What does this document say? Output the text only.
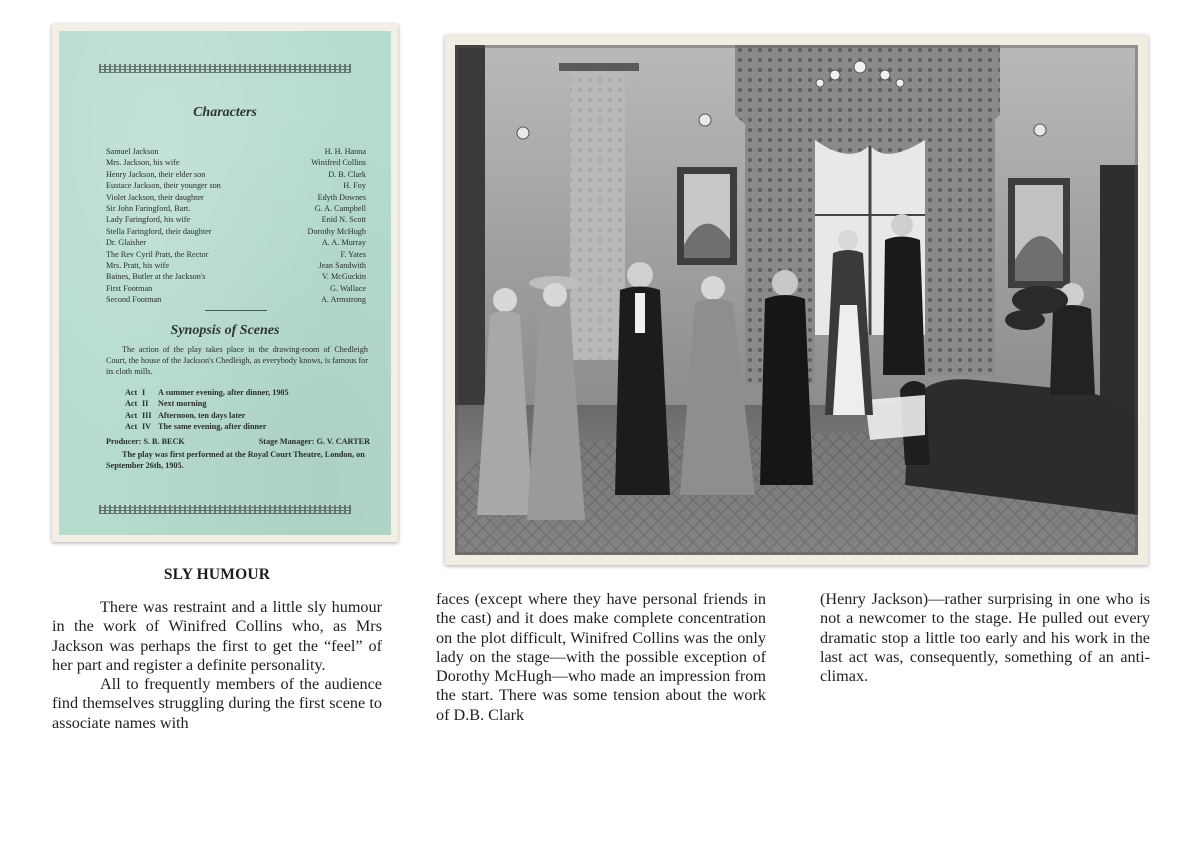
Characters
Samuel Jackson	H. H. Hanna
Mrs. Jackson, his wife	Winifred Collins
Henry Jackson, their elder son	D. B. Clark
Eustace Jackson, their younger son	H. Foy
Violet Jackson, their daughter	Edyth Downes
Sir John Faringford, Bart.	G. A. Campbell
Lady Faringford, his wife	Enid N. Scott
Stella Faringford, their daughter	Dorothy McHugh
Dr. Glaisher	A. A. Murray
The Rev Cyril Pratt, the Rector	F. Yates
Mrs. Pratt, his wife	Jean Sandwith
Baines, Butler at the Jackson's	V. McGuckin
First Footman	G. Wallace
Second Footman	A. Armstrong
Synopsis of Scenes
The action of the play takes place in the drawing-room of Chedleigh Court, the house of the Jackson's Chedleigh, as everybody knows, is famous for its cloth mills.
Act I	A summer evening, after dinner, 1905
Act II	Next morning
Act III Afternoon, ten days later
Act IV The same evening, after dinner
Producer: S. B. BECK	Stage Manager: G. V. CARTER
The play was first performed at the Royal Court Theatre, London, on September 26th, 1905.
SLY HUMOUR

There was restraint and a little sly humour in the work of Winifred Collins who, as Mrs Jackson was perhaps the first to get the “feel” of her part and register a definite personality.

All to frequently members of the audience find themselves struggling during the first scene to associate names with

faces (except where they have personal friends in the cast) and it does make complete concentration on the plot difficult, Winifred Collins was the only lady on the stage—with the possible exception of Dorothy McHugh—who made an impression from the start. There was some tension about the work of D.B. Clark

(Henry Jackson)—rather surprising in one who is not a newcomer to the stage. He pulled out every dramatic stop a little too early and his work in the last act was, consequently, something of an anti-climax.
